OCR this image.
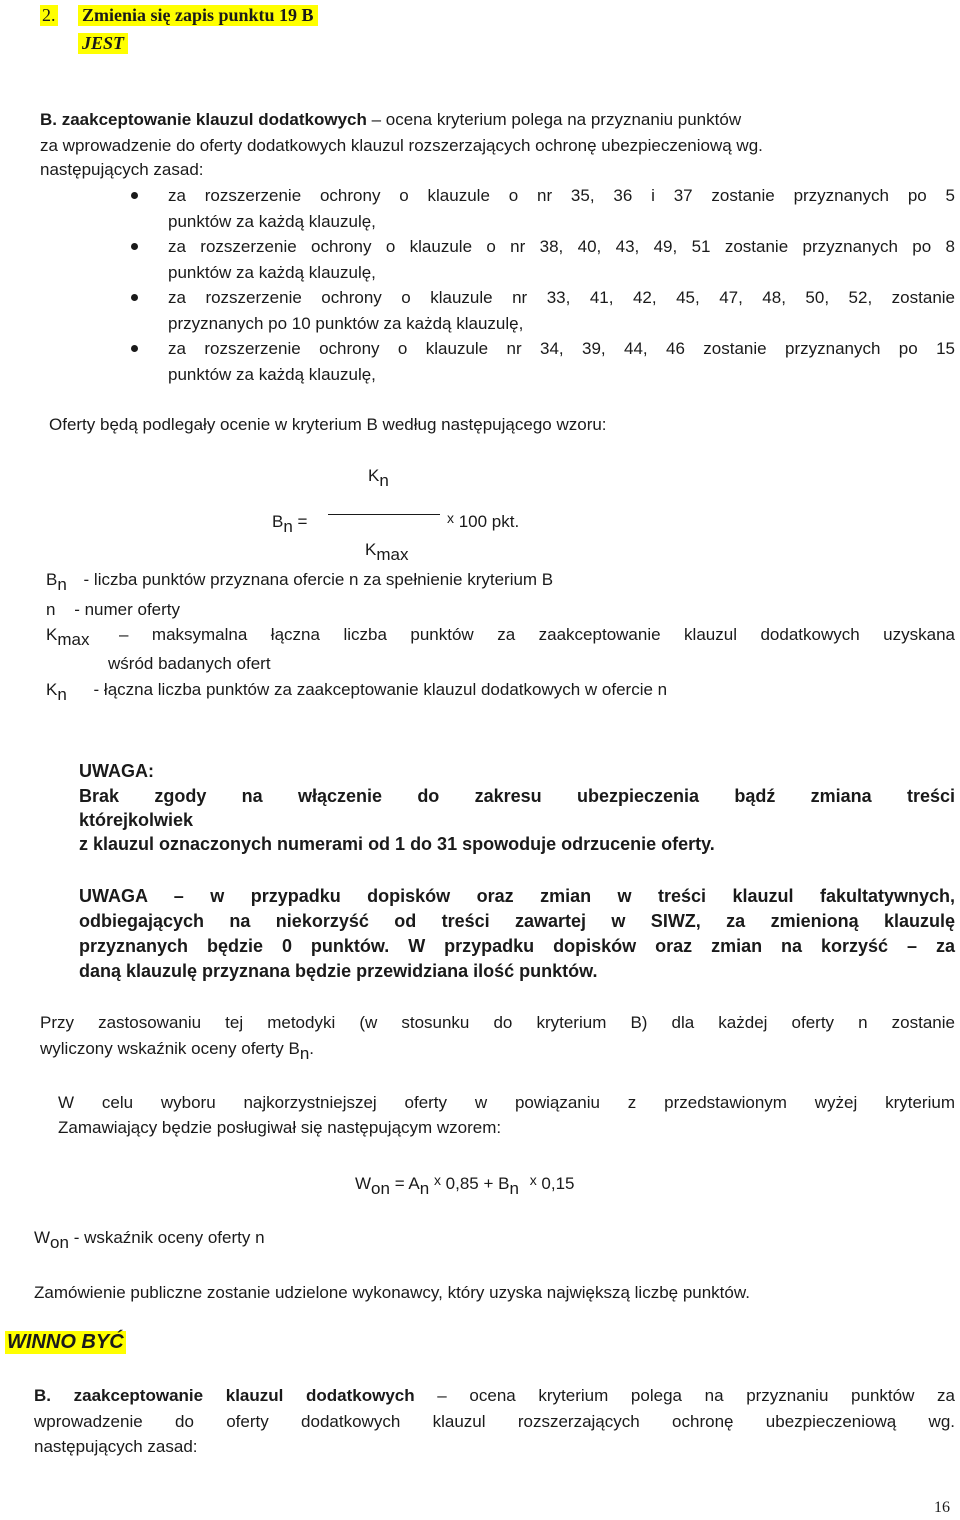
2. Zmienia się zapis punktu 19 B
JEST
B. zaakceptowanie klauzul dodatkowych – ocena kryterium polega na przyznaniu punktów
za wprowadzenie do oferty dodatkowych klauzul rozszerzających ochronę ubezpieczeniową wg.
następujących zasad:
za rozszerzenie ochrony o klauzule o nr 35, 36 i 37 zostanie przyznanych po 5
punktów za każdą klauzulę,
za rozszerzenie ochrony o klauzule o nr 38, 40, 43, 49, 51 zostanie przyznanych po 8
punktów za każdą klauzulę,
za rozszerzenie ochrony o klauzule nr 33, 41, 42, 45, 47, 48, 50, 52, zostanie
przyznanych po 10 punktów za każdą klauzulę,
za rozszerzenie ochrony o klauzule nr 34, 39, 44, 46 zostanie przyznanych po 15
punktów za każdą klauzulę,
Oferty będą podlegały ocenie w kryterium B według następującego wzoru:
$K_n$
$B_n$ =	$^x$ 100 pkt.
$K_{max}$
$B_n$ - liczba punktów przyznana ofercie n za spełnienie kryterium B
n - numer oferty
$K_{max}$ – maksymalna łączna liczba punktów za zaakceptowanie klauzul dodatkowych uzyskana
wśród badanych ofert
$K_n$ - łączna liczba punktów za zaakceptowanie klauzul dodatkowych w ofercie n
UWAGA:
Brak zgody na włączenie do zakresu ubezpieczenia bądź zmiana treści
którejkolwiek
z klauzul oznaczonych numerami od 1 do 31 spowoduje odrzucenie oferty.
UWAGA – w przypadku dopisków oraz zmian w treści klauzul fakultatywnych,
odbiegających na niekorzyść od treści zawartej w SIWZ, za zmienioną klauzulę
przyznanych będzie 0 punktów. W przypadku dopisków oraz zmian na korzyść – za
daną klauzulę przyznana będzie przewidziana ilość punktów.
Przy zastosowaniu tej metodyki (w stosunku do kryterium B) dla każdej oferty n zostanie
wyliczony wskaźnik oceny oferty $B_n$.
W celu wyboru najkorzystniejszej oferty w powiązaniu z przedstawionym wyżej kryterium
Zamawiający będzie posługiwał się następującym wzorem:
$W_{on} = A_n$ $^x$ $0,85 + B_n$ $^x$ 0,15
$W_{on}$ - wskaźnik oceny oferty n
Zamówienie publiczne zostanie udzielone wykonawcy, który uzyska największą liczbę punktów.
WINNO BYĆ
B. zaakceptowanie klauzul dodatkowych – ocena kryterium polega na przyznaniu punktów za
wprowadzenie do oferty dodatkowych klauzul rozszerzających ochronę ubezpieczeniową wg.
następujących zasad:
16
